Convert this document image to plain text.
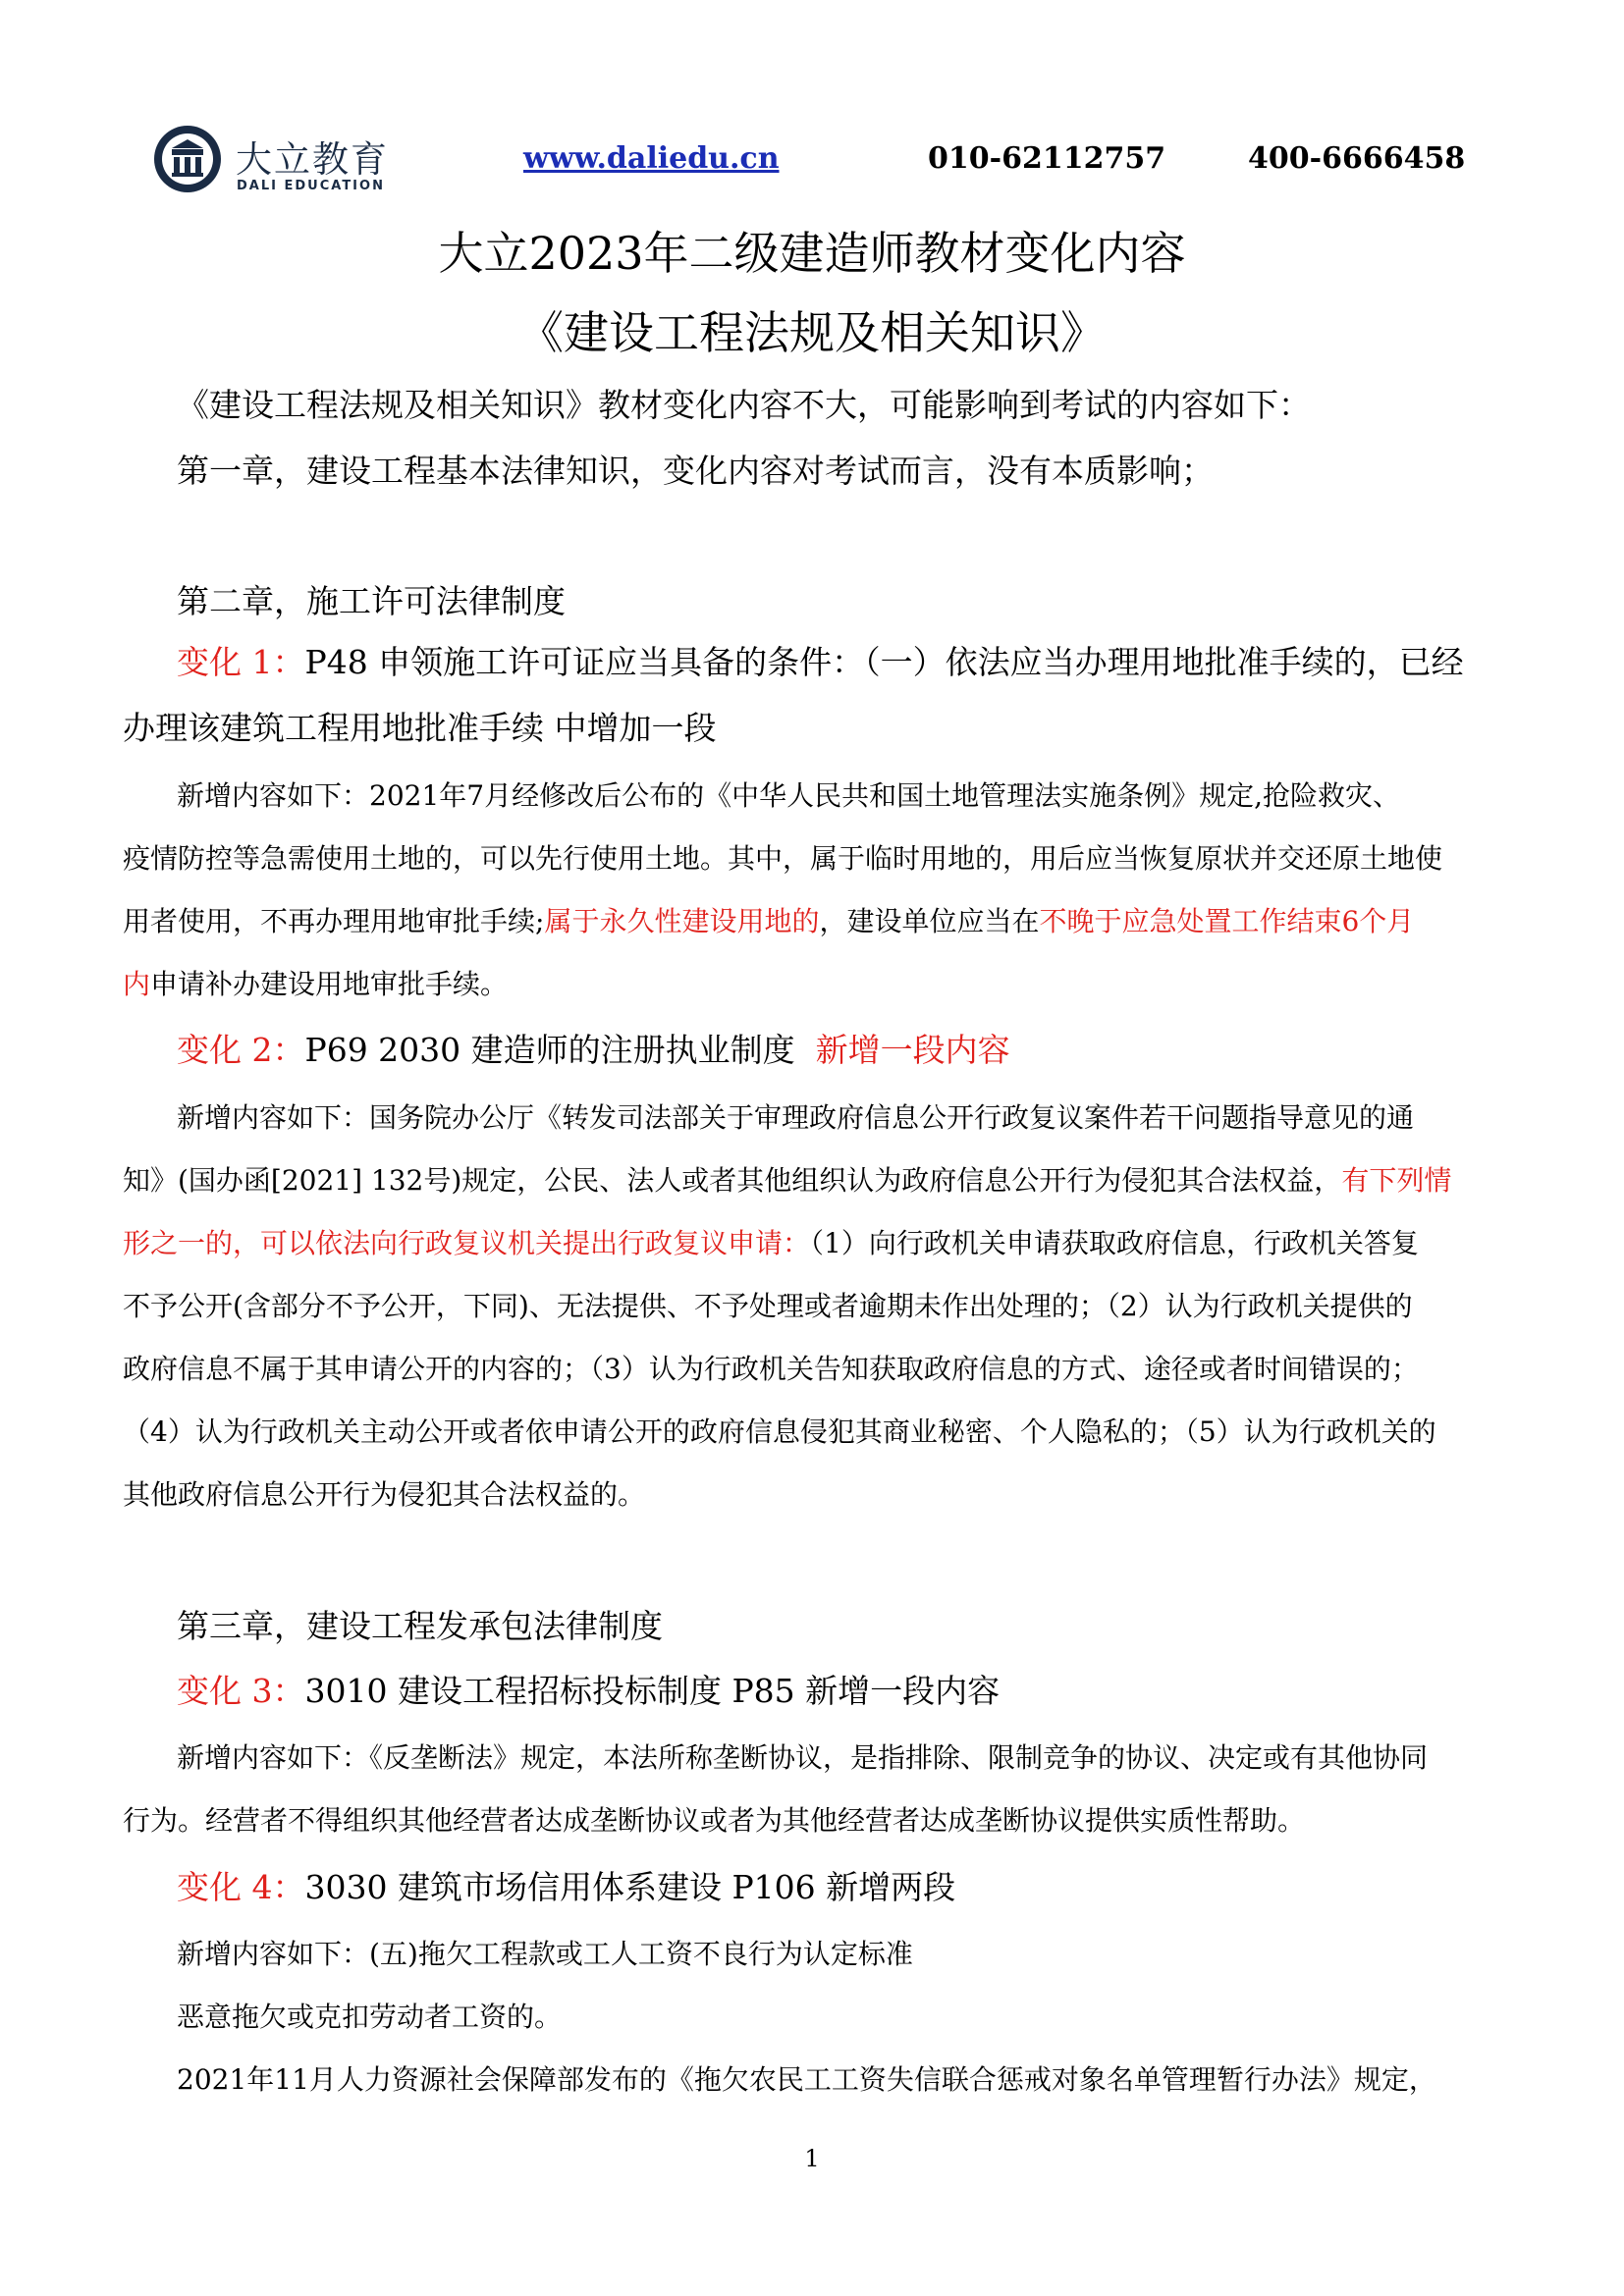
大立教育
DALI EDUCATION
www.daliedu.cn	010-62112757	400-6666458
大立2023年二级建造师教材变化内容
《建设工程法规及相关知识》
《建设工程法规及相关知识》教材变化内容不大，可能影响到考试的内容如下：
第一章，建设工程基本法律知识，变化内容对考试而言，没有本质影响；
第二章，施工许可法律制度
变化 1：P48 申领施工许可证应当具备的条件：（一）依法应当办理用地批准手续的，已经
办理该建筑工程用地批准手续 中增加一段
新增内容如下：2021年7月经修改后公布的《中华人民共和国土地管理法实施条例》规定,抢险救灾、
疫情防控等急需使用土地的，可以先行使用土地。其中，属于临时用地的，用后应当恢复原状并交还原土地使
用者使用，不再办理用地审批手续;属于永久性建设用地的，建设单位应当在不晚于应急处置工作结束6个月
内申请补办建设用地审批手续。
变化 2：P69 2030 建造师的注册执业制度 新增一段内容
新增内容如下：国务院办公厅《转发司法部关于审理政府信息公开行政复议案件若干问题指导意见的通
知》(国办函[2021] 132号)规定，公民、法人或者其他组织认为政府信息公开行为侵犯其合法权益，有下列情
形之一的，可以依法向行政复议机关提出行政复议申请：（1）向行政机关申请获取政府信息，行政机关答复
不予公开(含部分不予公开，下同)、无法提供、不予处理或者逾期未作出处理的；（2）认为行政机关提供的
政府信息不属于其申请公开的内容的；（3）认为行政机关告知获取政府信息的方式、途径或者时间错误的；
（4）认为行政机关主动公开或者依申请公开的政府信息侵犯其商业秘密、个人隐私的；（5）认为行政机关的
其他政府信息公开行为侵犯其合法权益的。
第三章，建设工程发承包法律制度
变化 3：3010 建设工程招标投标制度 P85 新增一段内容
新增内容如下：《反垄断法》规定，本法所称垄断协议，是指排除、限制竞争的协议、决定或有其他协同
行为。经营者不得组织其他经营者达成垄断协议或者为其他经营者达成垄断协议提供实质性帮助。
变化 4：3030 建筑市场信用体系建设 P106 新增两段
新增内容如下：(五)拖欠工程款或工人工资不良行为认定标准
恶意拖欠或克扣劳动者工资的。
2021年11月人力资源社会保障部发布的《拖欠农民工工资失信联合惩戒对象名单管理暂行办法》规定，
1
